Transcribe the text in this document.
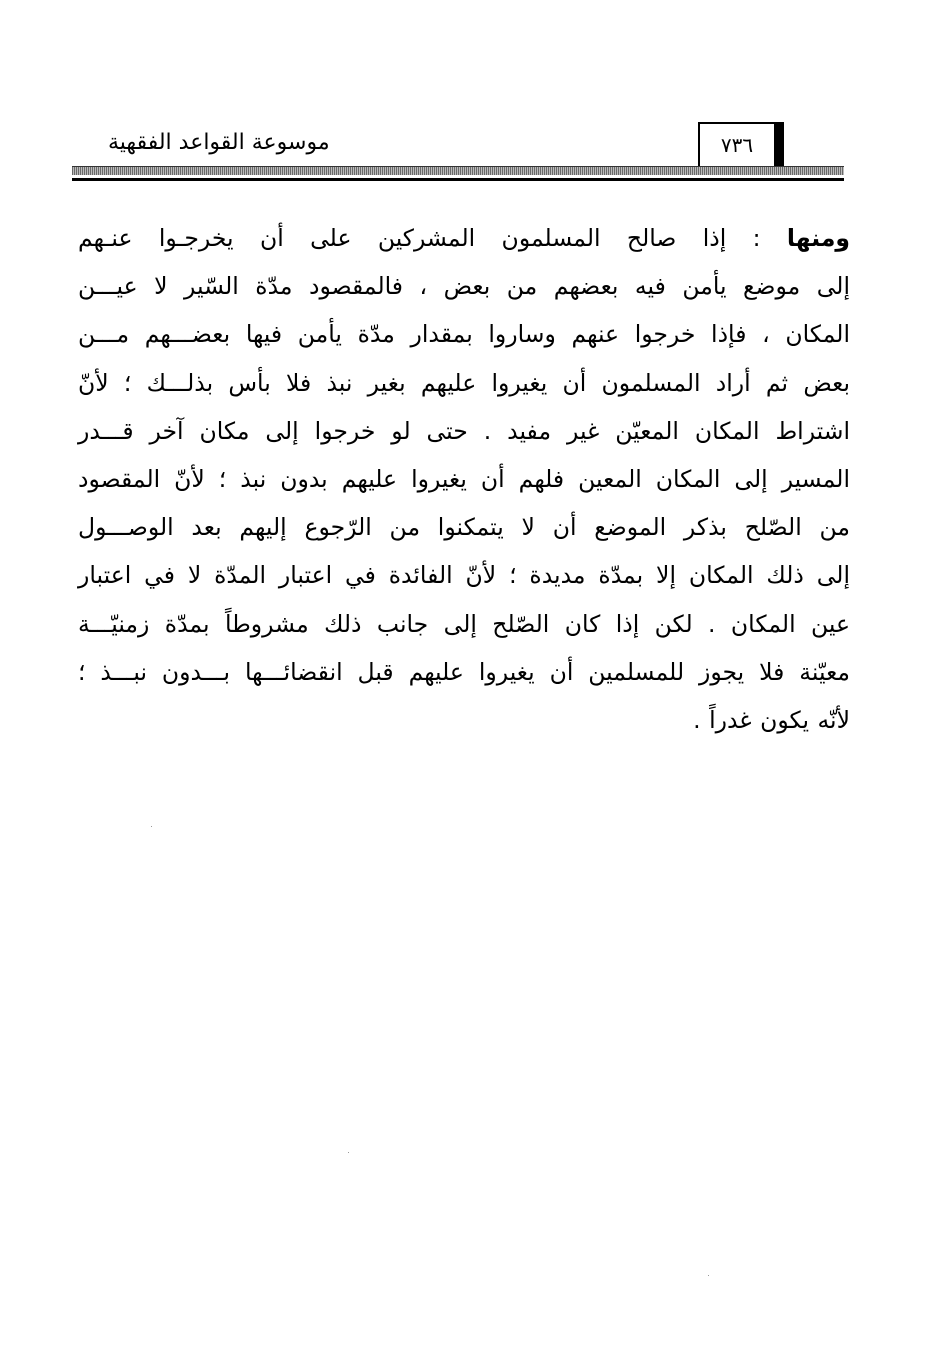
موسوعة القواعد الفقهية	٧٣٦
ومنها : إذا صالح المسلمون المشركين على أن يخرجـوا عنـهم
إلى موضع يأمن فيه بعضهم من بعض ، فالمقصود مدّة السّير لا عيـــن
المكان ، فإذا خرجوا عنهم وساروا بمقدار مدّة يأمن فيها بعضـــهم مـــن
بعض ثم أراد المسلمون أن يغيروا عليهم بغير نبذ فلا بأس بذلـــك ؛ لأنّ
اشتراط المكان المعيّن غير مفيد . حتى لو خرجوا إلى مكان آخر قـــدر
المسير إلى المكان المعين فلهم أن يغيروا عليهم بدون نبذ ؛ لأنّ المقصود
من الصّلح بذكر الموضع أن لا يتمكنوا من الرّجوع إليهم بعد الوصـــول
إلى ذلك المكان إلا بمدّة مديدة ؛ لأنّ الفائدة في اعتبار المدّة لا في اعتبار
عين المكان . لكن إذا كان الصّلح إلى جانب ذلك مشروطاً بمدّة زمنيّـــة
معيّنة فلا يجوز للمسلمين أن يغيروا عليهم قبل انقضائـــها بـــدون نبـــذ ؛
لأنّه يكون غدراً .
